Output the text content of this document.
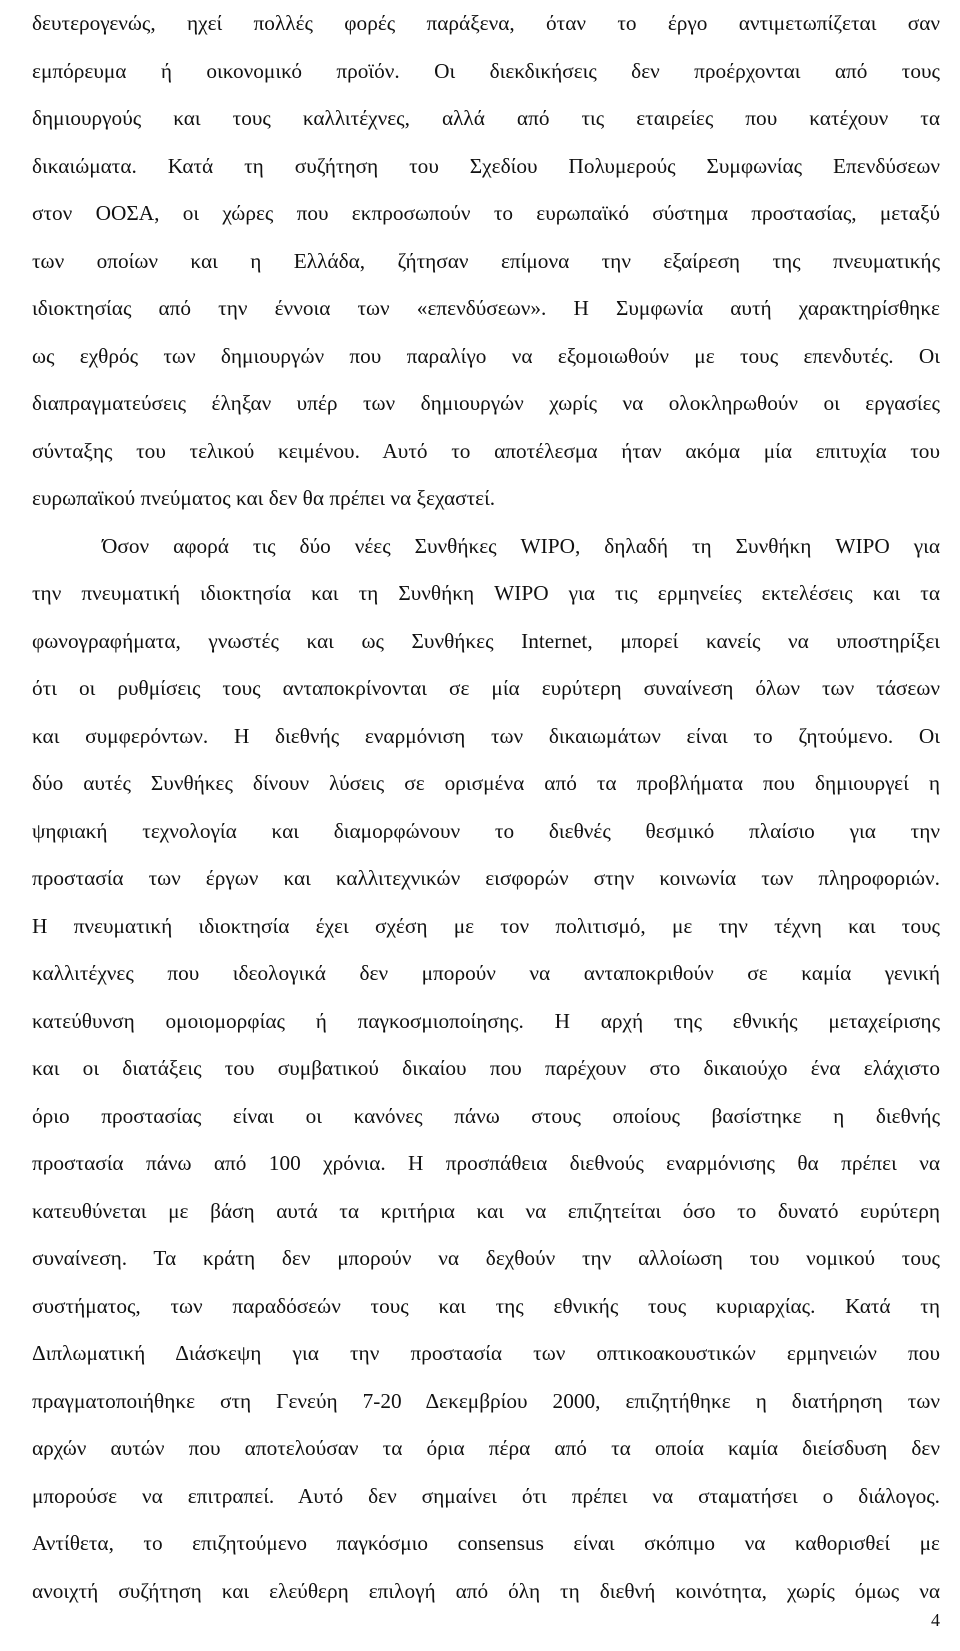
δευτερογενώς, ηχεί πολλές φορές παράξενα, όταν το έργο αντιμετωπίζεται σαν
εμπόρευμα ή οικονομικό προϊόν. Οι διεκδικήσεις δεν προέρχονται από τους
δημιουργούς και τους καλλιτέχνες, αλλά από τις εταιρείες που κατέχουν τα
δικαιώματα. Κατά τη συζήτηση του Σχεδίου Πολυμερούς Συμφωνίας Επενδύσεων
στον ΟΟΣΑ, οι χώρες που εκπροσωπούν το ευρωπαϊκό σύστημα προστασίας, μεταξύ
των οποίων και η Ελλάδα, ζήτησαν επίμονα την εξαίρεση της πνευματικής
ιδιοκτησίας από την έννοια των «επενδύσεων». Η Συμφωνία αυτή χαρακτηρίσθηκε
ως εχθρός των δημιουργών που παραλίγο να εξομοιωθούν με τους επενδυτές. Οι
διαπραγματεύσεις έληξαν υπέρ των δημιουργών χωρίς να ολοκληρωθούν οι εργασίες
σύνταξης του τελικού κειμένου. Αυτό το αποτέλεσμα ήταν ακόμα μία επιτυχία του
ευρωπαϊκού πνεύματος και δεν θα πρέπει να ξεχαστεί.
Όσον αφορά τις δύο νέες Συνθήκες WIPO, δηλαδή τη Συνθήκη WIPO για
την πνευματική ιδιοκτησία και τη Συνθήκη WIPO για τις ερμηνείες εκτελέσεις και τα
φωνογραφήματα, γνωστές και ως Συνθήκες Internet, μπορεί κανείς να υποστηρίξει
ότι οι ρυθμίσεις τους ανταποκρίνονται σε μία ευρύτερη συναίνεση όλων των τάσεων
και συμφερόντων. Η διεθνής εναρμόνιση των δικαιωμάτων είναι το ζητούμενο. Οι
δύο αυτές Συνθήκες δίνουν λύσεις σε ορισμένα από τα προβλήματα που δημιουργεί η
ψηφιακή τεχνολογία και διαμορφώνουν το διεθνές θεσμικό πλαίσιο για την
προστασία των έργων και καλλιτεχνικών εισφορών στην κοινωνία των πληροφοριών.
Η πνευματική ιδιοκτησία έχει σχέση με τον πολιτισμό, με την τέχνη και τους
καλλιτέχνες που ιδεολογικά δεν μπορούν να ανταποκριθούν σε καμία γενική
κατεύθυνση ομοιομορφίας ή παγκοσμιοποίησης. Η αρχή της εθνικής μεταχείρισης
και οι διατάξεις του συμβατικού δικαίου που παρέχουν στο δικαιούχο ένα ελάχιστο
όριο προστασίας είναι οι κανόνες πάνω στους οποίους βασίστηκε η διεθνής
προστασία πάνω από 100 χρόνια. Η προσπάθεια διεθνούς εναρμόνισης θα πρέπει να
κατευθύνεται με βάση αυτά τα κριτήρια και να επιζητείται όσο το δυνατό ευρύτερη
συναίνεση. Τα κράτη δεν μπορούν να δεχθούν την αλλοίωση του νομικού τους
συστήματος, των παραδόσεών τους και της εθνικής τους κυριαρχίας. Κατά τη
Διπλωματική Διάσκεψη για την προστασία των οπτικοακουστικών ερμηνειών που
πραγματοποιήθηκε στη Γενεύη 7-20 Δεκεμβρίου 2000, επιζητήθηκε η διατήρηση των
αρχών αυτών που αποτελούσαν τα όρια πέρα από τα οποία καμία διείσδυση δεν
μπορούσε να επιτραπεί. Αυτό δεν σημαίνει ότι πρέπει να σταματήσει ο διάλογος.
Αντίθετα, το επιζητούμενο παγκόσμιο consensus είναι σκόπιμο να καθορισθεί με
ανοιχτή συζήτηση και ελεύθερη επιλογή από όλη τη διεθνή κοινότητα, χωρίς όμως να
4
